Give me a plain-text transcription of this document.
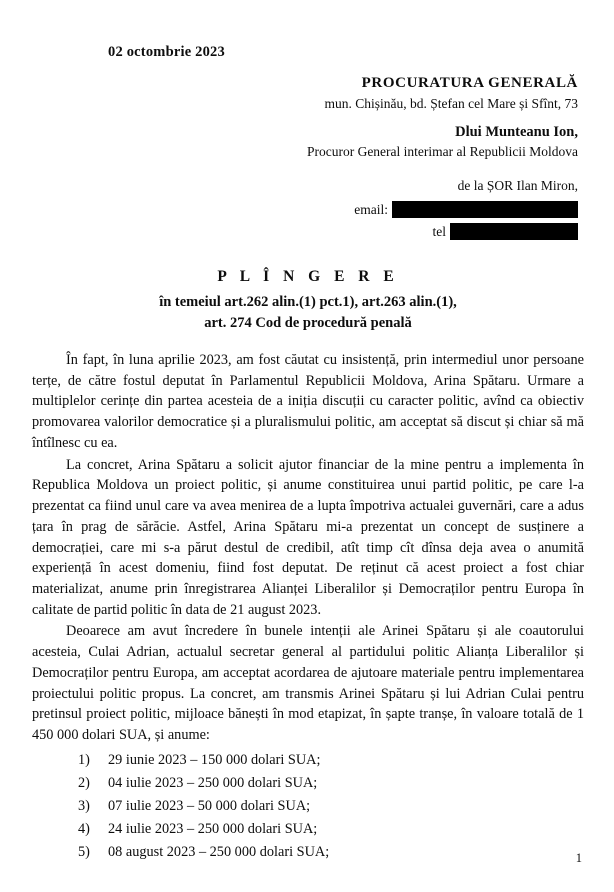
02 octombrie 2023
PROCURATURA GENERALĂ
mun. Chișinău, bd. Ștefan cel Mare și Sfînt, 73
Dlui Munteanu Ion,
Procuror General interimar al Republicii Moldova
de la ȘOR Ilan Miron,
email:
tel
P L Î N G E R E
în temeiul art.262 alin.(1) pct.1), art.263 alin.(1),
art. 274 Cod de procedură penală

În fapt, în luna aprilie 2023, am fost căutat cu insistență, prin intermediul unor persoane terțe, de către fostul deputat în Parlamentul Republicii Moldova, Arina Spătaru. Urmare a multiplelor cerințe din partea acesteia de a iniția discuții cu caracter politic, avînd ca obiectiv promovarea valorilor democratice și a pluralismului politic, am acceptat să discut și chiar să mă întîlnesc cu ea.

La concret, Arina Spătaru a solicit ajutor financiar de la mine pentru a implementa în Republica Moldova un proiect politic, și anume constituirea unui partid politic, pe care l-a prezentat ca fiind unul care va avea menirea de a lupta împotriva actualei guvernări, care a adus țara în prag de sărăcie. Astfel, Arina Spătaru mi-a prezentat un concept de susținere a democrației, care mi s-a părut destul de credibil, atît timp cît dînsa deja avea o anumită experiență în acest domeniu, fiind fost deputat. De reținut că acest proiect a fost chiar materializat, anume prin înregistrarea Alianței Liberalilor și Democraților pentru Europa în calitate de partid politic în data de 21 august 2023.

Deoarece am avut încredere în bunele intenții ale Arinei Spătaru și ale coautorului acesteia, Culai Adrian, actualul secretar general al partidului politic Alianța Liberalilor și Democraților pentru Europa, am acceptat acordarea de ajutoare materiale pentru implementarea proiectului politic propus. La concret, am transmis Arinei Spătaru și lui Adrian Culai pentru pretinsul proiect politic, mijloace bănești în mod etapizat, în șapte tranșe, în valoare totală de 1 450 000 dolari SUA, și anume:

1)	29 iunie 2023 – 150 000 dolari SUA;
2)	04 iulie 2023 – 250 000 dolari SUA;
3)	07 iulie 2023 – 50 000 dolari SUA;
4)	24 iulie 2023 – 250 000 dolari SUA;
5)	08 august 2023 – 250 000 dolari SUA;	1
